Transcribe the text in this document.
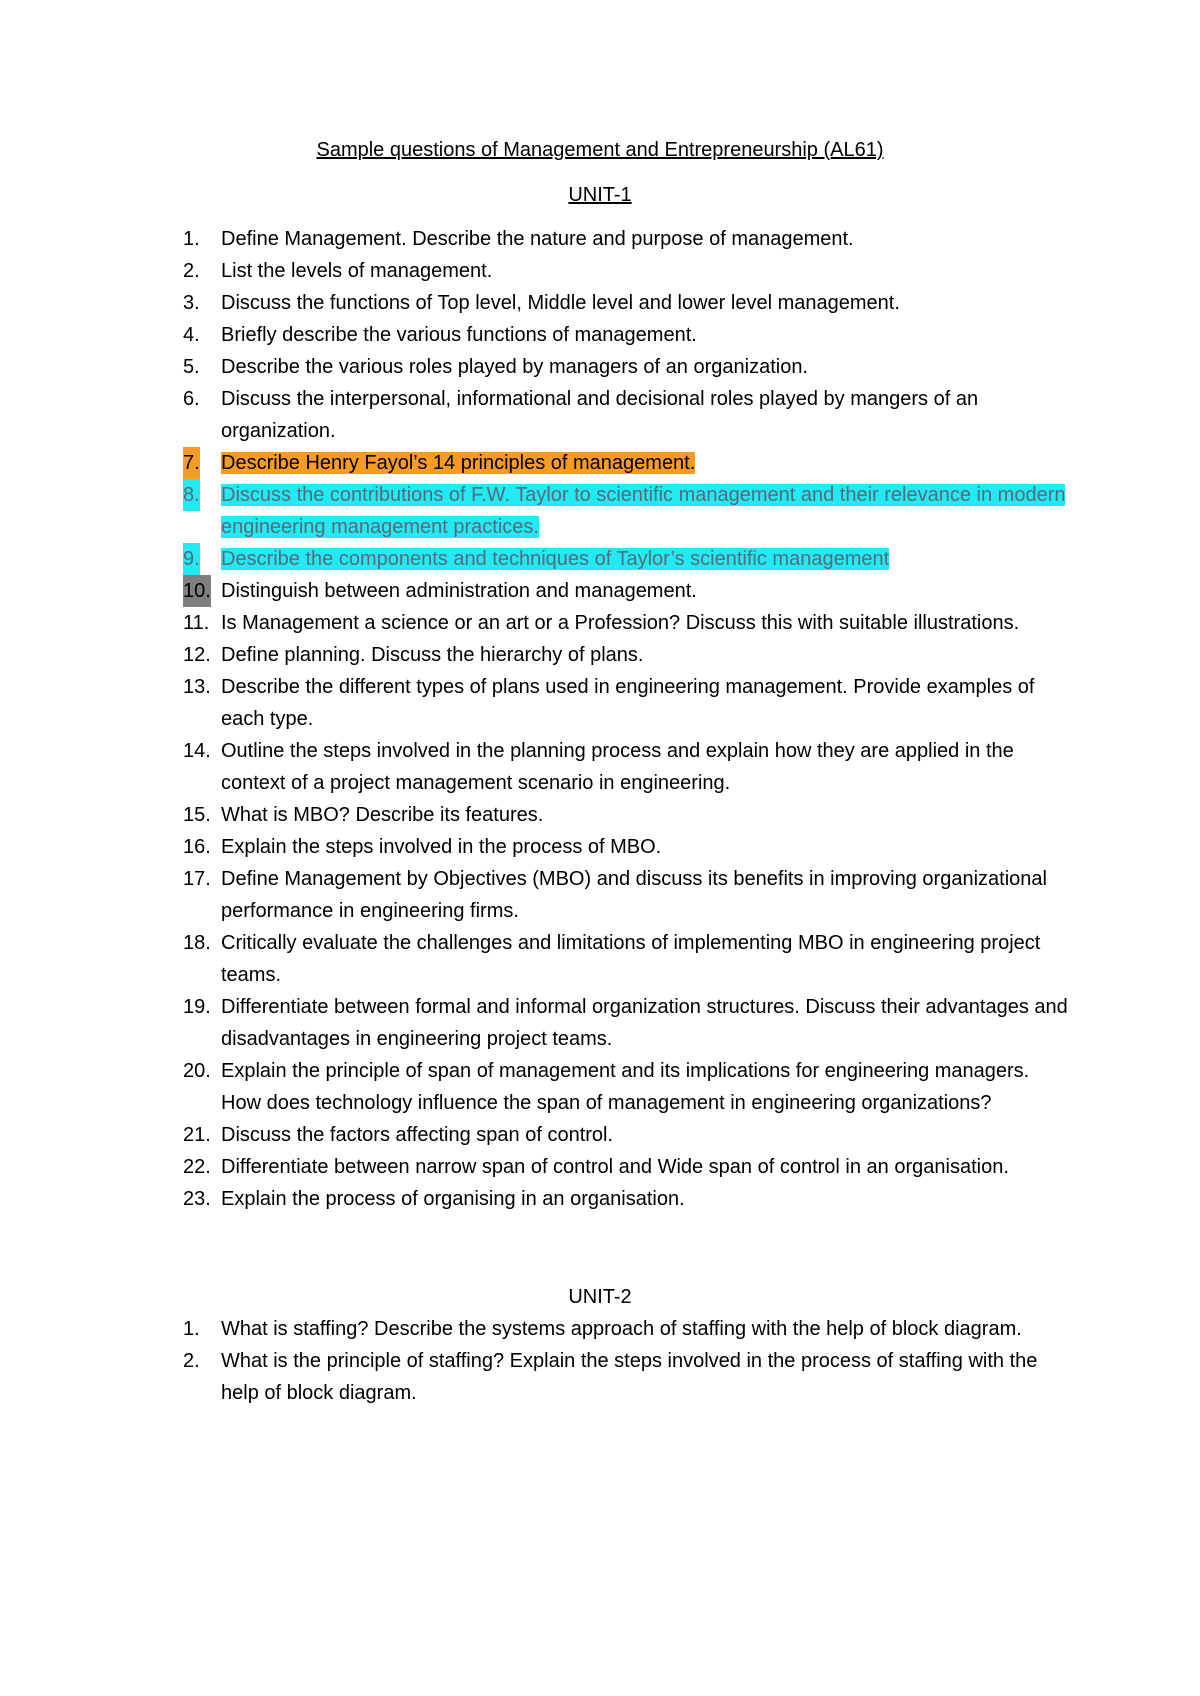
Sample questions of Management and Entrepreneurship (AL61)
UNIT-1
1. Define Management. Describe the nature and purpose of management.
2. List the levels of management.
3. Discuss the functions of Top level, Middle level and lower level management.
4. Briefly describe the various functions of management.
5. Describe the various roles played by managers of an organization.
6. Discuss the interpersonal, informational and decisional roles played by mangers of an organization.
7. Describe Henry Fayol’s 14 principles of management.
8. Discuss the contributions of F.W. Taylor to scientific management and their relevance in modern engineering management practices.
9. Describe the components and techniques of Taylor’s scientific management
10. Distinguish between administration and management.
11. Is Management a science or an art or a Profession? Discuss this with suitable illustrations.
12. Define planning. Discuss the hierarchy of plans.
13. Describe the different types of plans used in engineering management. Provide examples of each type.
14. Outline the steps involved in the planning process and explain how they are applied in the context of a project management scenario in engineering.
15. What is MBO? Describe its features.
16. Explain the steps involved in the process of MBO.
17. Define Management by Objectives (MBO) and discuss its benefits in improving organizational performance in engineering firms.
18. Critically evaluate the challenges and limitations of implementing MBO in engineering project teams.
19. Differentiate between formal and informal organization structures. Discuss their advantages and disadvantages in engineering project teams.
20. Explain the principle of span of management and its implications for engineering managers. How does technology influence the span of management in engineering organizations?
21. Discuss the factors affecting span of control.
22. Differentiate between narrow span of control and Wide span of control in an organisation.
23. Explain the process of organising in an organisation.
UNIT-2
1. What is staffing? Describe the systems approach of staffing with the help of block diagram.
2. What is the principle of staffing? Explain the steps involved in the process of staffing with the help of block diagram.
